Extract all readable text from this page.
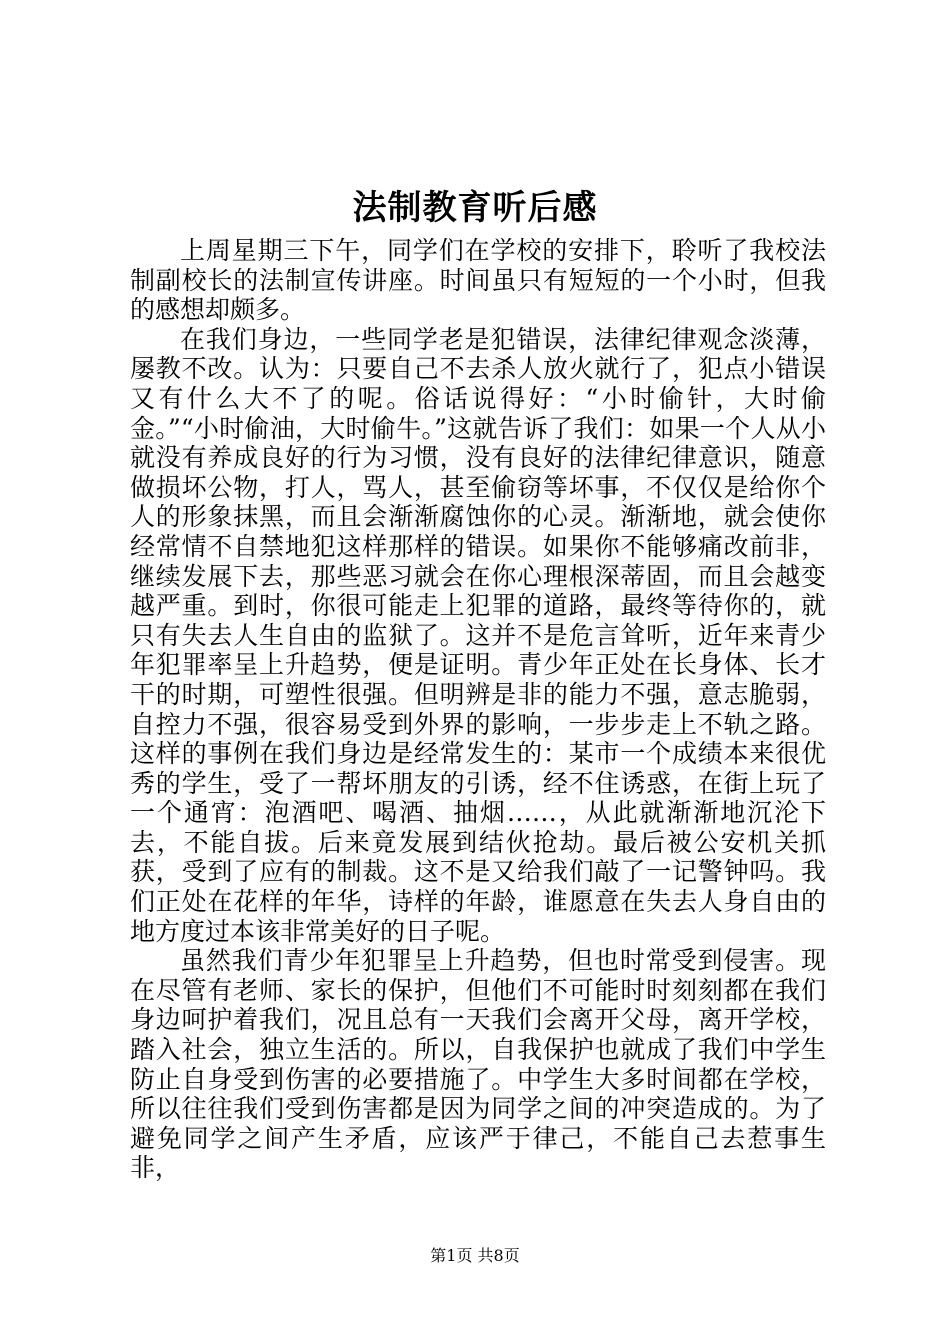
法制教育听后感

上周星期三下午，同学们在学校的安排下，聆听了我校法制副校长的法制宣传讲座。时间虽只有短短的一个小时，但我的感想却颇多。

在我们身边，一些同学老是犯错误，法律纪律观念淡薄，屡教不改。认为：只要自己不去杀人放火就行了，犯点小错误又有什么大不了的呢。俗话说得好：“小时偷针，大时偷金。”“小时偷油，大时偷牛。”这就告诉了我们：如果一个人从小就没有养成良好的行为习惯，没有良好的法律纪律意识，随意做损坏公物，打人，骂人，甚至偷窃等坏事，不仅仅是给你个人的形象抹黑，而且会渐渐腐蚀你的心灵。渐渐地，就会使你经常情不自禁地犯这样那样的错误。如果你不能够痛改前非，继续发展下去，那些恶习就会在你心理根深蒂固，而且会越变越严重。到时，你很可能走上犯罪的道路，最终等待你的，就只有失去人生自由的监狱了。这并不是危言耸听，近年来青少年犯罪率呈上升趋势，便是证明。青少年正处在长身体、长才干的时期，可塑性很强。但明辨是非的能力不强，意志脆弱，自控力不强，很容易受到外界的影响，一步步走上不轨之路。这样的事例在我们身边是经常发生的：某市一个成绩本来很优秀的学生，受了一帮坏朋友的引诱，经不住诱惑，在街上玩了一个通宵：泡酒吧、喝酒、抽烟……，从此就渐渐地沉沦下去，不能自拔。后来竟发展到结伙抢劫。最后被公安机关抓获，受到了应有的制裁。这不是又给我们敲了一记警钟吗。我们正处在花样的年华，诗样的年龄，谁愿意在失去人身自由的地方度过本该非常美好的日子呢。

虽然我们青少年犯罪呈上升趋势，但也时常受到侵害。现在尽管有老师、家长的保护，但他们不可能时时刻刻都在我们身边呵护着我们，况且总有一天我们会离开父母，离开学校，踏入社会，独立生活的。所以，自我保护也就成了我们中学生防止自身受到伤害的必要措施了。中学生大多时间都在学校，所以往往我们受到伤害都是因为同学之间的冲突造成的。为了避免同学之间产生矛盾，应该严于律己，不能自己去惹事生非，

第1页 共8页
